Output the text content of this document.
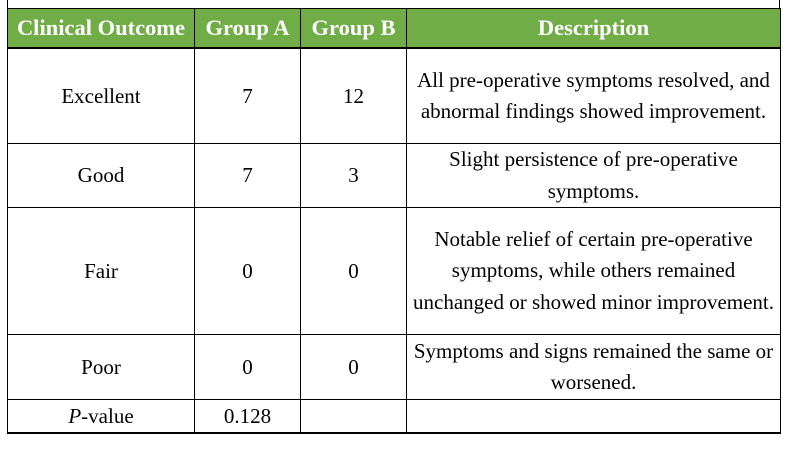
Clinical Outcome	Group A	Group B	Description
Excellent	7	12	All pre-operative symptoms resolved, and abnormal findings showed improvement.
Good	7	3	Slight persistence of pre-operative symptoms.
Fair	0	0	Notable relief of certain pre-operative symptoms, while others remained unchanged or showed minor improvement.
Poor	0	0	Symptoms and signs remained the same or worsened.
P-value	0.128		
